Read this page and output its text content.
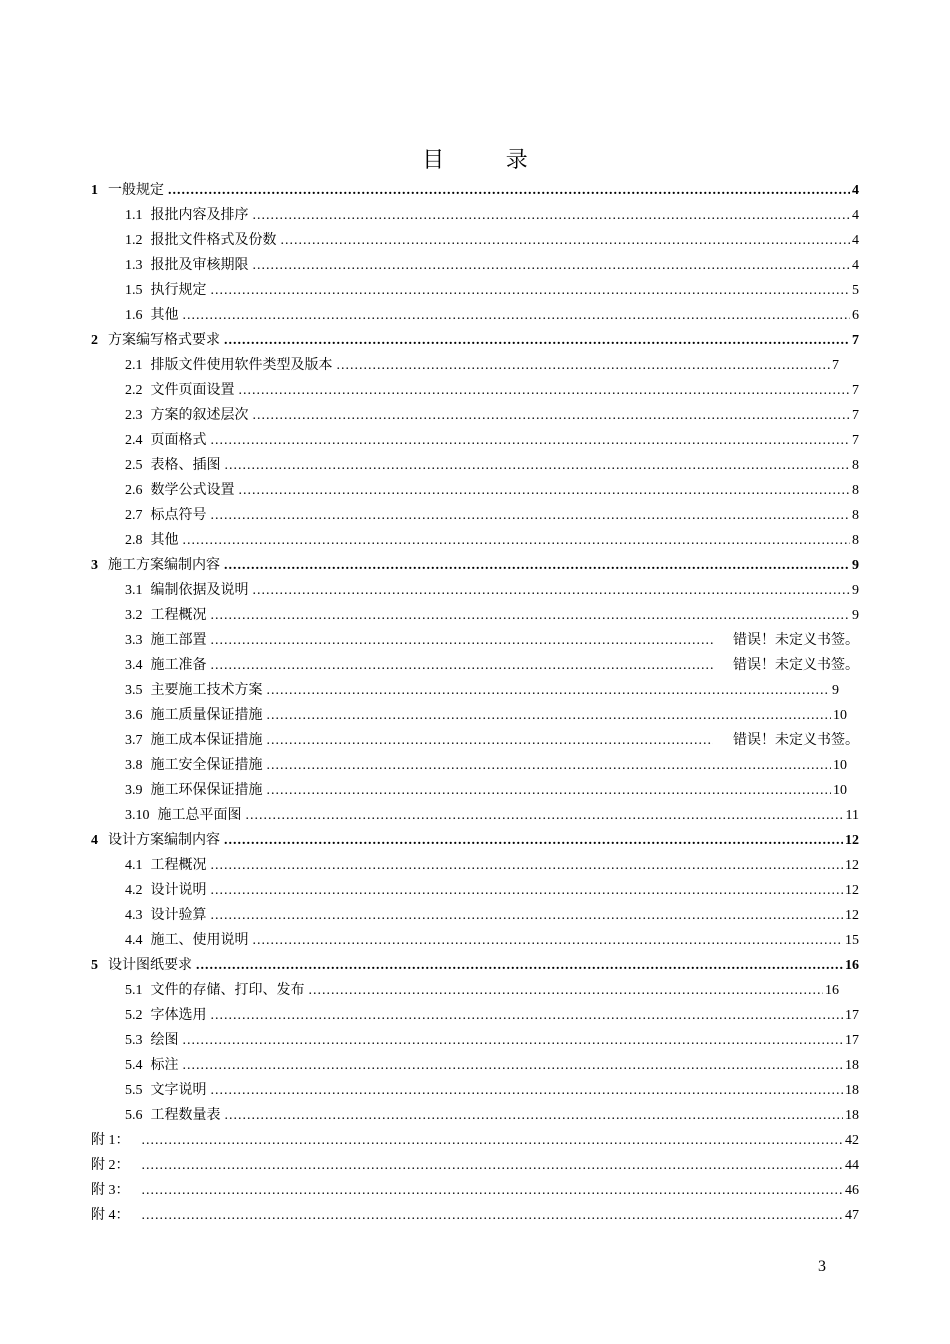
目 录
1 一般规定 .....	4
1.1 报批内容及排序 .....	4
1.2 报批文件格式及份数 .....	4
1.3 报批及审核期限 .....	4
1.5 执行规定 .....	5
1.6 其他 .....	6
2 方案编写格式要求 .....	7
2.1 排版文件使用软件类型及版本 .....	7
2.2 文件页面设置 .....	7
2.3 方案的叙述层次 .....	7
2.4 页面格式 .....	7
2.5 表格、插图 .....	8
2.6 数学公式设置 .....	8
2.7 标点符号 .....	8
2.8 其他 .....	8
3 施工方案编制内容 .....	9
3.1 编制依据及说明 .....	9
3.2 工程概况 .....	9
3.3 施工部置 .....	错误！未定义书签。
3.4 施工准备 .....	错误！未定义书签。
3.5 主要施工技术方案 .....	9
3.6 施工质量保证措施 .....	10
3.7 施工成本保证措施 .....	错误！未定义书签。
3.8 施工安全保证措施 .....	10
3.9 施工环保保证措施 .....	10
3.10 施工总平面图 .....	11
4 设计方案编制内容 .....	12
4.1 工程概况 .....	12
4.2 设计说明 .....	12
4.3 设计验算 .....	12
4.4 施工、使用说明 .....	15
5 设计图纸要求 .....	16
5.1 文件的存储、打印、发布 .....	16
5.2 字体选用 .....	17
5.3 绘图 .....	17
5.4 标注 .....	18
5.5 文字说明 .....	18
5.6 工程数量表 .....	18
附 1： .....	42
附 2： .....	44
附 3： .....	46
附 4： .....	47
3
